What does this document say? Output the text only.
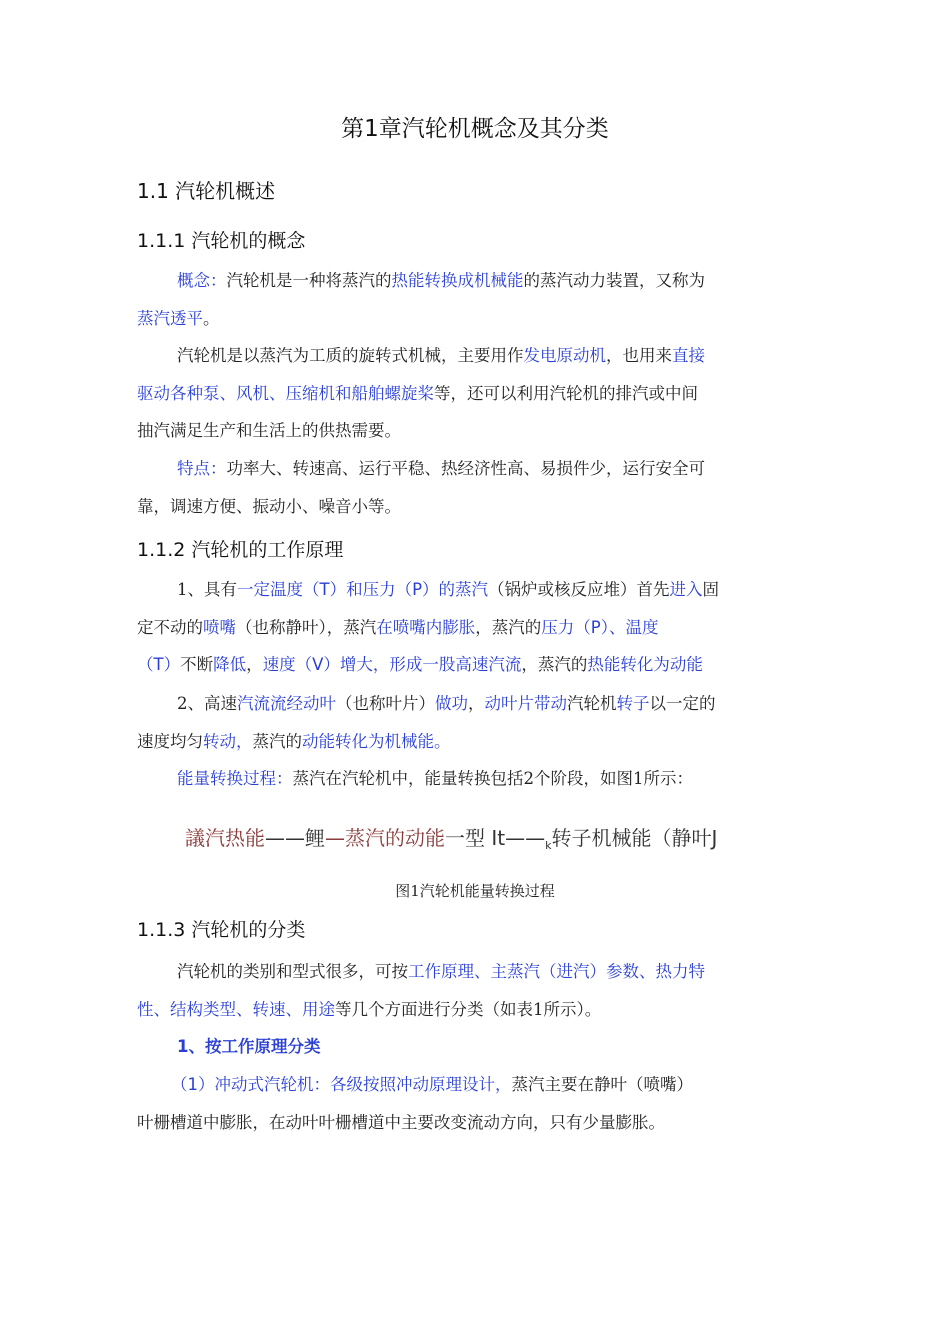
第1章汽轮机概念及其分类
1.1 汽轮机概述
1.1.1 汽轮机的概念
概念：汽轮机是一种将蒸汽的热能转换成机械能的蒸汽动力装置，又称为
蒸汽透平。
汽轮机是以蒸汽为工质的旋转式机械，主要用作发电原动机，也用来直接
驱动各种泵、风机、压缩机和船舶螺旋桨等，还可以利用汽轮机的排汽或中间
抽汽满足生产和生活上的供热需要。
特点：功率大、转速高、运行平稳、热经济性高、易损件少，运行安全可
靠，调速方便、振动小、噪音小等。
1.1.2 汽轮机的工作原理
1、具有一定温度（T）和压力（P）的蒸汽（锅炉或核反应堆）首先进入固
定不动的喷嘴（也称静叶），蒸汽在喷嘴内膨胀，蒸汽的压力（P）、温度
（T）不断降低，速度（V）增大，形成一股高速汽流，蒸汽的热能转化为动能
2、高速汽流流经动叶（也称叶片）做功，动叶片带动汽轮机转子以一定的
速度均匀转动，蒸汽的动能转化为机械能。
能量转换过程：蒸汽在汽轮机中，能量转换包括2个阶段，如图1所示：
議汽热能——鲤—蒸汽的动能一型 $It——_k$转子机械能（静叶J
图1汽轮机能量转换过程
1.1.3 汽轮机的分类
汽轮机的类别和型式很多，可按工作原理、主蒸汽（进汽）参数、热力特
性、结构类型、转速、用途等几个方面进行分类（如表1所示）。
1、按工作原理分类
（1）冲动式汽轮机：各级按照冲动原理设计，蒸汽主要在静叶（喷嘴）
叶栅槽道中膨胀，在动叶叶栅槽道中主要改变流动方向，只有少量膨胀。
